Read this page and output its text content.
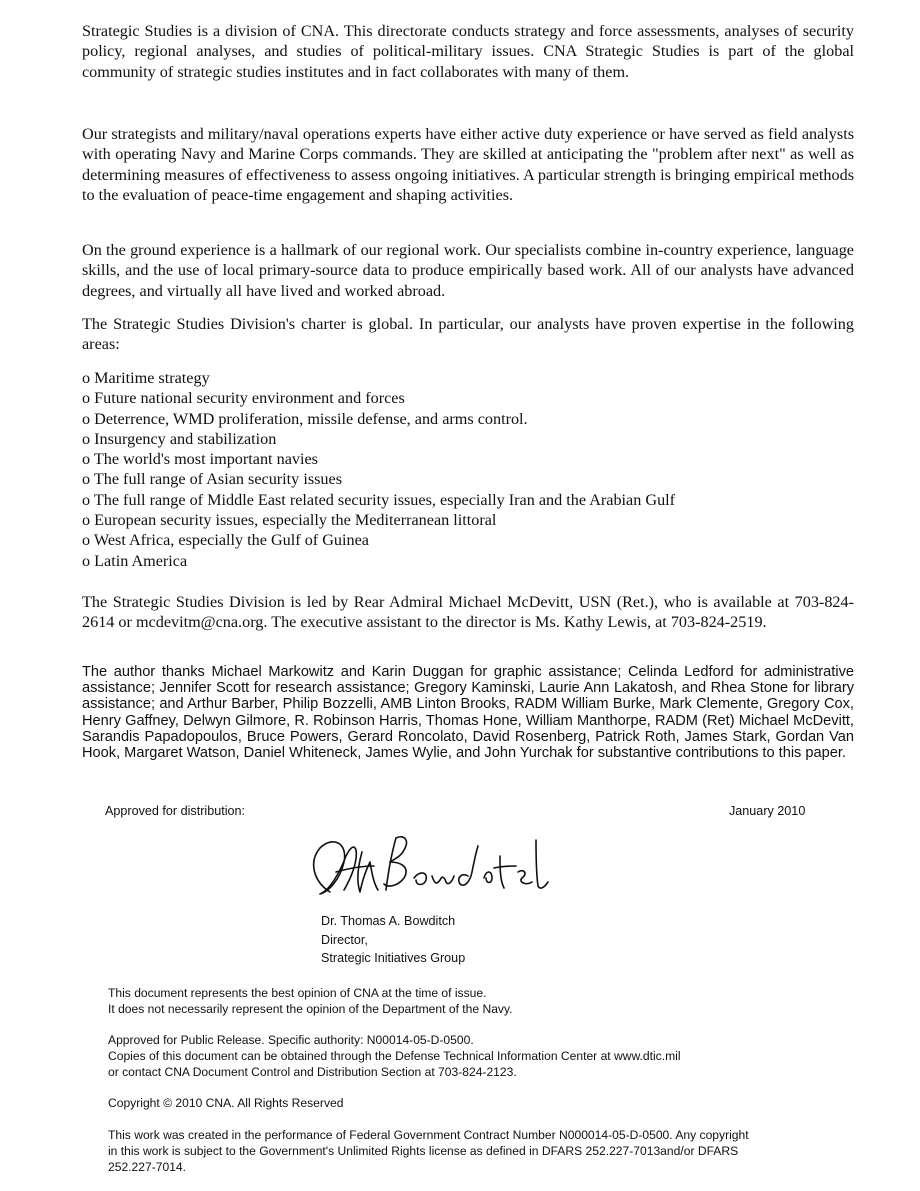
Strategic Studies is a division of CNA. This directorate conducts strategy and force assessments, analyses of security policy, regional analyses, and studies of political-military issues. CNA Strategic Studies is part of the global community of strategic studies institutes and in fact collaborates with many of them.

Our strategists and military/naval operations experts have either active duty experience or have served as field analysts with operating Navy and Marine Corps commands. They are skilled at anticipating the "problem after next" as well as determining measures of effectiveness to assess ongoing initiatives. A particular strength is bringing empirical methods to the evaluation of peace-time engagement and shaping activities.

On the ground experience is a hallmark of our regional work. Our specialists combine in-country experience, language skills, and the use of local primary-source data to produce empirically based work. All of our analysts have advanced degrees, and virtually all have lived and worked abroad.

The Strategic Studies Division's charter is global. In particular, our analysts have proven expertise in the following areas:

o Maritime strategy
o Future national security environment and forces
o Deterrence, WMD proliferation, missile defense, and arms control.
o Insurgency and stabilization
o The world's most important navies
o The full range of Asian security issues
o The full range of Middle East related security issues, especially Iran and the Arabian Gulf
o European security issues, especially the Mediterranean littoral
o West Africa, especially the Gulf of Guinea
o Latin America

The Strategic Studies Division is led by Rear Admiral Michael McDevitt, USN (Ret.), who is available at 703-824-2614 or mcdevitm@cna.org. The executive assistant to the director is Ms. Kathy Lewis, at 703-824-2519.

The author thanks Michael Markowitz and Karin Duggan for graphic assistance; Celinda Ledford for administrative assistance; Jennifer Scott for research assistance; Gregory Kaminski, Laurie Ann Lakatosh, and Rhea Stone for library assistance; and Arthur Barber, Philip Bozzelli, AMB Linton Brooks, RADM William Burke, Mark Clemente, Gregory Cox, Henry Gaffney, Delwyn Gilmore, R. Robinson Harris, Thomas Hone, William Manthorpe, RADM (Ret) Michael McDevitt, Sarandis Papadopoulos, Bruce Powers, Gerard Roncolato, David Rosenberg, Patrick Roth, James Stark, Gordan Van Hook, Margaret Watson, Daniel Whiteneck, James Wylie, and John Yurchak for substantive contributions to this paper.

Approved for distribution:	January 2010
Dr. Thomas A. Bowditch
Director,
Strategic Initiatives Group
This document represents the best opinion of CNA at the time of issue.
It does not necessarily represent the opinion of the Department of the Navy.
Approved for Public Release. Specific authority: N00014-05-D-0500.
Copies of this document can be obtained through the Defense Technical Information Center at www.dtic.mil
or contact CNA Document Control and Distribution Section at 703-824-2123.
Copyright © 2010 CNA. All Rights Reserved
This work was created in the performance of Federal Government Contract Number N000014-05-D-0500. Any copyright
in this work is subject to the Government's Unlimited Rights license as defined in DFARS 252.227-7013and/or DFARS
252.227-7014.
